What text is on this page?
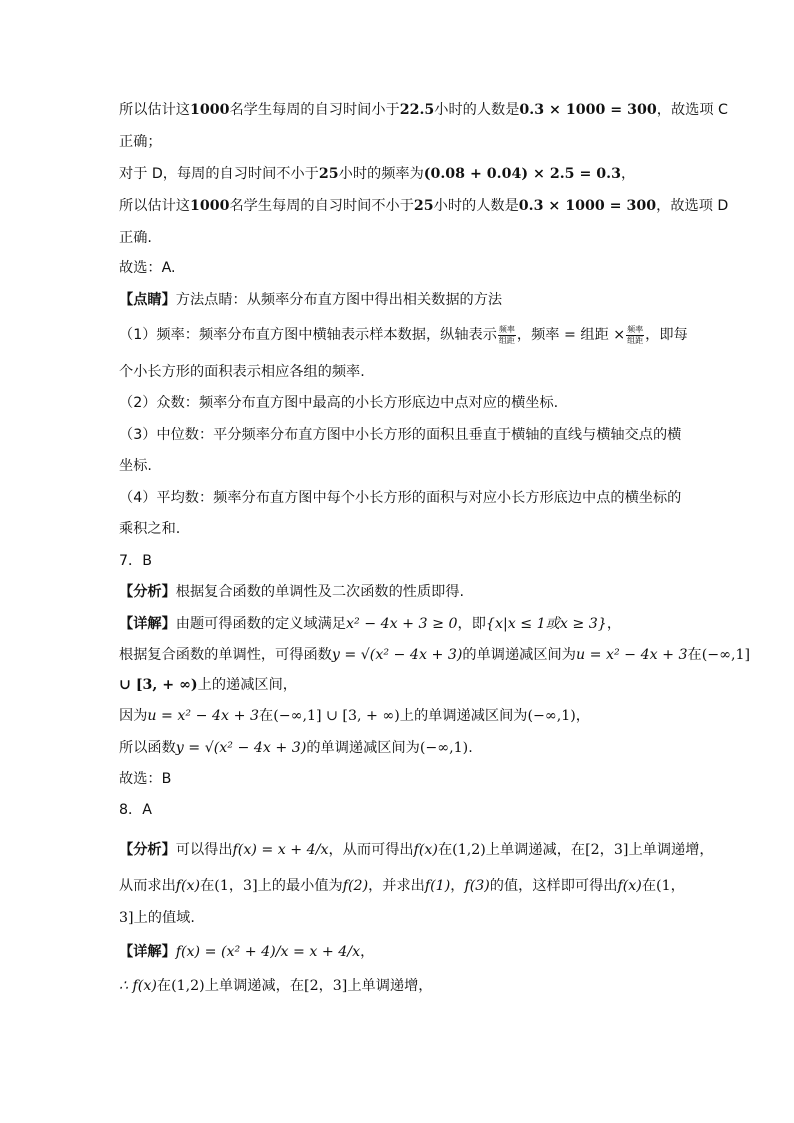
所以估计这1000名学生每周的自习时间小于22.5小时的人数是0.3 × 1000 = 300，故选项 C
正确；
对于 D，每周的自习时间不小于25小时的频率为(0.08 + 0.04) × 2.5 = 0.3，
所以估计这1000名学生每周的自习时间不小于25小时的人数是0.3 × 1000 = 300，故选项 D
正确.
故选：A.
【点睛】方法点睛：从频率分布直方图中得出相关数据的方法
（1）频率：频率分布直方图中横轴表示样本数据，纵轴表示 $\frac{\text{频率}}{\text{组距}}$ ，频率 = 组距 × $\frac{\text{频率}}{\text{组距}}$ ，即每
个小长方形的面积表示相应各组的频率.
（2）众数：频率分布直方图中最高的小长方形底边中点对应的横坐标.
（3）中位数：平分频率分布直方图中小长方形的面积且垂直于横轴的直线与横轴交点的横
坐标.
（4）平均数：频率分布直方图中每个小长方形的面积与对应小长方形底边中点的横坐标的
乘积之和.
7．B
【分析】根据复合函数的单调性及二次函数的性质即得.
【详解】由题可得函数的定义域满足x² − 4x + 3 ≥ 0，即{x|x ≤ 1或x ≥ 3}，
根据复合函数的单调性，可得函数y = √(x² − 4x + 3)的单调递减区间为u = x² − 4x + 3在(−∞,1]
∪ [3, + ∞)上的递减区间，
因为u = x² − 4x + 3在(−∞,1] ∪ [3, + ∞)上的单调递减区间为(−∞,1)，
所以函数y = √(x² − 4x + 3)的单调递减区间为(−∞,1).
故选：B
8．A
【分析】可以得出f(x) = x + 4/x，从而可得出f(x)在(1,2)上单调递减，在[2，3]上单调递增，
从而求出f(x)在(1，3]上的最小值为f(2)，并求出f(1)，f(3)的值，这样即可得出f(x)在(1，
3]上的值域.
【详解】f(x) = (x² + 4)/x = x + 4/x，
∴ f(x)在(1,2)上单调递减，在[2，3]上单调递增，
